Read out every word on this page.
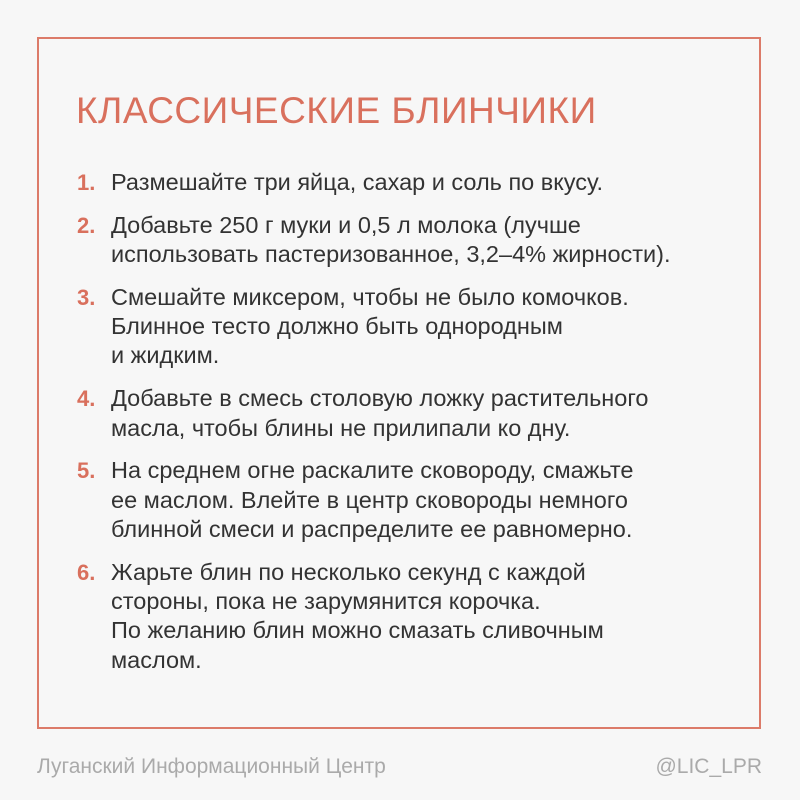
КЛАССИЧЕСКИЕ БЛИНЧИКИ
1. Размешайте три яйца, сахар и соль по вкусу.
2. Добавьте 250 г муки и 0,5 л молока (лучше
использовать пастеризованное, 3,2–4% жирности).
3. Смешайте миксером, чтобы не было комочков.
Блинное тесто должно быть однородным
и жидким.
4. Добавьте в смесь столовую ложку растительного
масла, чтобы блины не прилипали ко дну.
5. На среднем огне раскалите сковороду, смажьте
ее маслом. Влейте в центр сковороды немного
блинной смеси и распределите ее равномерно.
6. Жарьте блин по несколько секунд с каждой
стороны, пока не зарумянится корочка.
По желанию блин можно смазать сливочным
маслом.
Луганский Информационный Центр	@LIC_LPR
